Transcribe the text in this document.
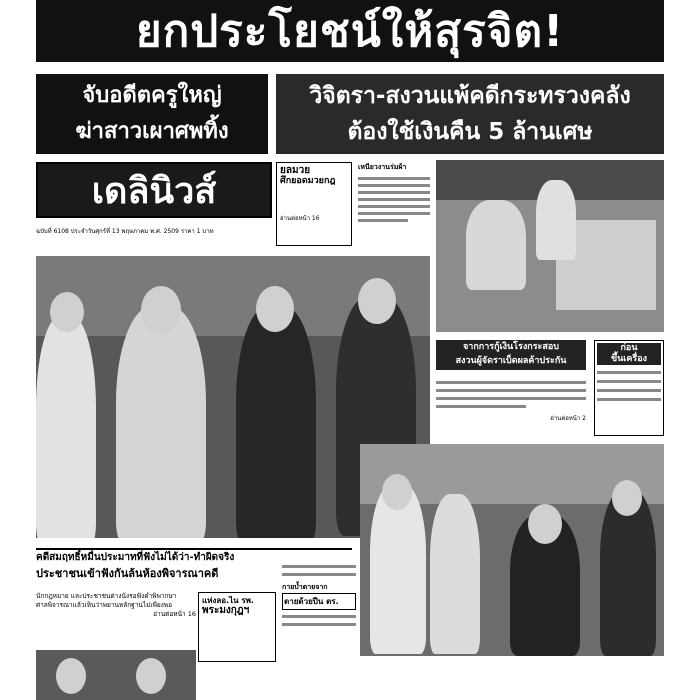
ยกประโยชน์ให้สุรจิต!
จับอดีตครูใหญ่
ฆ่าสาวเผาศพทิ้ง
วิจิตรา-สงวนแพ้คดีกระทรวงคลัง
ต้องใช้เงินคืน 5 ล้านเศษ
เดลินิวส์
ฉบับที่ 6108 ประจำวันศุกร์ที่ 13 พฤษภาคม พ.ศ. 2509 ราคา 1 บาท
ยลมวย
ศึกยอดมวยกฎ
อ่านต่อหน้า 16
เหนียวงานร่มผ้า
จากการกู้เงินโรงกระสอบ
สงวนผู้จัดราเบ็ดผลค้าประกัน
อ่านต่อหน้า 2
ก่อน
ขึ้นเครื่อง
คดีสมฤทธิ์หมื่นประมาทที่ฟังไม่ได้ว่า-ทำผิดจริง
ประชาชนเข้าฟังกันล้นห้องพิจารณาคดี
นักกฎหมาย และประชาชนต่างนั่งรอฟังคำพิพากษา
ศาลพิจารณาแล้วเห็นว่าพยานหลักฐานไม่เพียงพอ
อ่านต่อหน้า 16
แห่งลอ.ไน รพ.
พระมงกุฎฯ
กายบ้ำตายจาก
ตายด้วยปืน ตร.
